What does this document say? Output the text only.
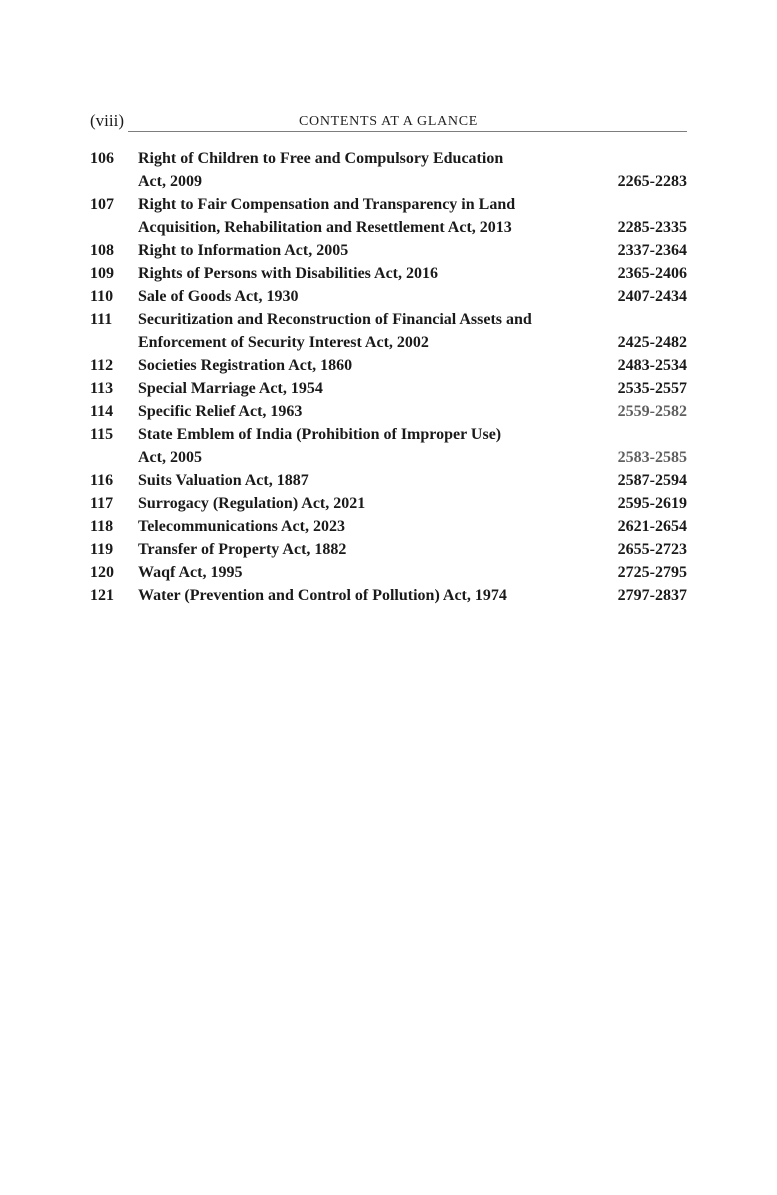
(viii)	CONTENTS AT A GLANCE
106	Right of Children to Free and Compulsory Education
Act, 2009	2265-2283
107	Right to Fair Compensation and Transparency in Land
Acquisition, Rehabilitation and Resettlement Act, 2013	2285-2335
108	Right to Information Act, 2005	2337-2364
109	Rights of Persons with Disabilities Act, 2016	2365-2406
110	Sale of Goods Act, 1930	2407-2434
111	Securitization and Reconstruction of Financial Assets and
Enforcement of Security Interest Act, 2002	2425-2482
112	Societies Registration Act, 1860	2483-2534
113	Special Marriage Act, 1954	2535-2557
114	Specific Relief Act, 1963	2559-2582
115	State Emblem of India (Prohibition of Improper Use)
Act, 2005	2583-2585
116	Suits Valuation Act, 1887	2587-2594
117	Surrogacy (Regulation) Act, 2021	2595-2619
118	Telecommunications Act, 2023	2621-2654
119	Transfer of Property Act, 1882	2655-2723
120	Waqf Act, 1995	2725-2795
121	Water (Prevention and Control of Pollution) Act, 1974	2797-2837
